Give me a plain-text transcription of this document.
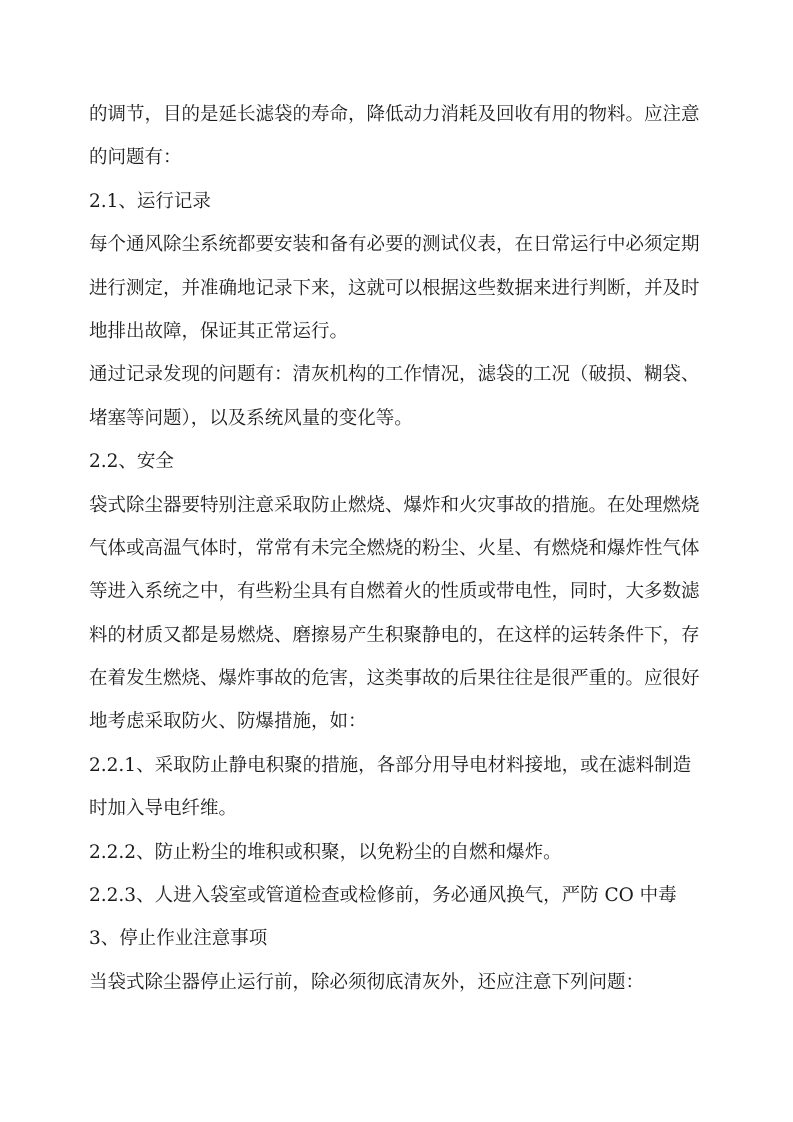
的调节，目的是延长滤袋的寿命，降低动力消耗及回收有用的物料。应注意
的问题有：
2.1、运行记录
每个通风除尘系统都要安装和备有必要的测试仪表，在日常运行中必须定期
进行测定，并准确地记录下来，这就可以根据这些数据来进行判断，并及时
地排出故障，保证其正常运行。
通过记录发现的问题有：清灰机构的工作情况，滤袋的工况（破损、糊袋、
堵塞等问题），以及系统风量的变化等。
2.2、安全
袋式除尘器要特别注意采取防止燃烧、爆炸和火灾事故的措施。在处理燃烧
气体或高温气体时，常常有未完全燃烧的粉尘、火星、有燃烧和爆炸性气体
等进入系统之中，有些粉尘具有自燃着火的性质或带电性，同时，大多数滤
料的材质又都是易燃烧、磨擦易产生积聚静电的，在这样的运转条件下，存
在着发生燃烧、爆炸事故的危害，这类事故的后果往往是很严重的。应很好
地考虑采取防火、防爆措施，如：
2.2.1、采取防止静电积聚的措施，各部分用导电材料接地，或在滤料制造
时加入导电纤维。
2.2.2、防止粉尘的堆积或积聚，以免粉尘的自燃和爆炸。
2.2.3、人进入袋室或管道检查或检修前，务必通风换气，严防 CO 中毒
3、停止作业注意事项
当袋式除尘器停止运行前，除必须彻底清灰外，还应注意下列问题：
